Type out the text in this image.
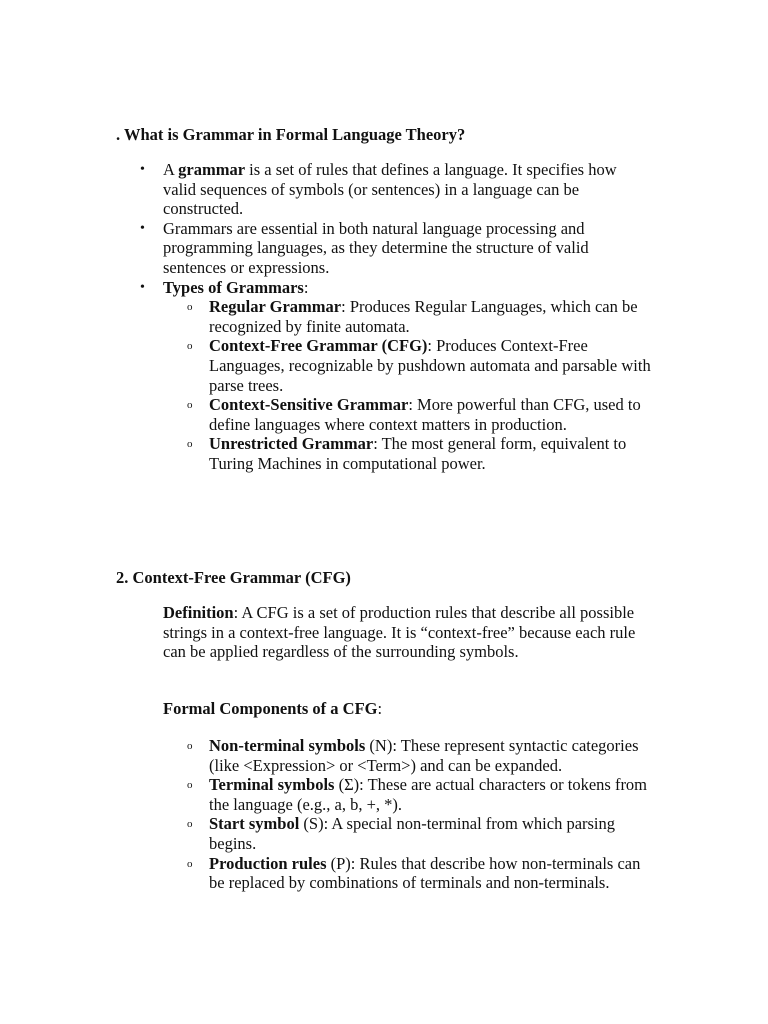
. What is Grammar in Formal Language Theory?
• A grammar is a set of rules that defines a language. It specifies how valid sequences of symbols (or sentences) in a language can be constructed.
• Grammars are essential in both natural language processing and programming languages, as they determine the structure of valid sentences or expressions.
• Types of Grammars:
o Regular Grammar: Produces Regular Languages, which can be recognized by finite automata.
o Context-Free Grammar (CFG): Produces Context-Free Languages, recognizable by pushdown automata and parsable with parse trees.
o Context-Sensitive Grammar: More powerful than CFG, used to define languages where context matters in production.
o Unrestricted Grammar: The most general form, equivalent to Turing Machines in computational power.
2. Context-Free Grammar (CFG)

Definition: A CFG is a set of production rules that describe all possible strings in a context-free language. It is “context-free” because each rule can be applied regardless of the surrounding symbols.

Formal Components of a CFG:

o Non-terminal symbols (N): These represent syntactic categories (like <Expression> or <Term>) and can be expanded.
o Terminal symbols (Σ): These are actual characters or tokens from the language (e.g., a, b, +, *).
o Start symbol (S): A special non-terminal from which parsing begins.
o Production rules (P): Rules that describe how non-terminals can be replaced by combinations of terminals and non-terminals.
